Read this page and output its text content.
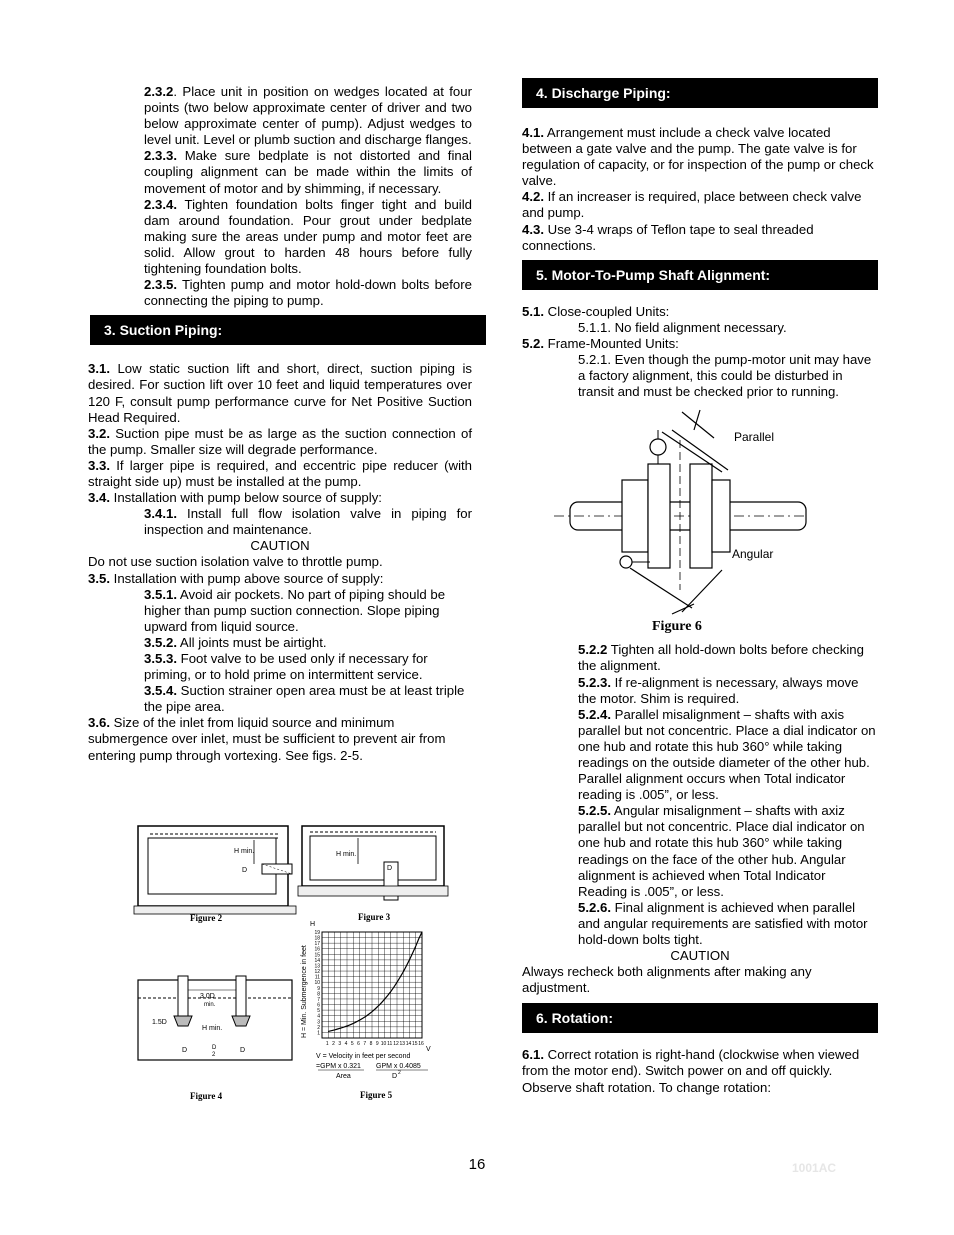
2.3.2. Place unit in position on wedges located at four points (two below approximate center of driver and two below approximate center of pump). Adjust wedges to level unit. Level or plumb suction and discharge flanges.

2.3.3. Make sure bedplate is not distorted and final coupling alignment can be made within the limits of movement of motor and by shimming, if necessary.

2.3.4. Tighten foundation bolts finger tight and build dam around foundation. Pour grout under bedplate making sure the areas under pump and motor feet are solid. Allow grout to harden 48 hours before fully tightening foundation bolts.

2.3.5. Tighten pump and motor hold-down bolts before connecting the piping to pump.

3. Suction Piping:

3.1. Low static suction lift and short, direct, suction piping is desired. For suction lift over 10 feet and liquid temperatures over 120 F, consult pump performance curve for Net Positive Suction Head Required.

3.2. Suction pipe must be as large as the suction connection of the pump. Smaller size will degrade performance.

3.3. If larger pipe is required, and eccentric pipe reducer (with straight side up) must be installed at the pump.

3.4. Installation with pump below source of supply:

3.4.1. Install full flow isolation valve in piping for inspection and maintenance.

CAUTION

Do not use suction isolation valve to throttle pump.

3.5. Installation with pump above source of supply:

3.5.1. Avoid air pockets. No part of piping should be higher than pump suction connection. Slope piping upward from liquid source.

3.5.2. All joints must be airtight.

3.5.3. Foot valve to be used only if necessary for priming, or to hold prime on intermittent service.

3.5.4. Suction strainer open area must be at least triple the pipe area.

3.6. Size of the inlet from liquid source and minimum submergence over inlet, must be sufficient to prevent air from entering pump through vortexing. See figs. 2-5.

H min.
D
Figure 2
H min.
D
Figure 3
3.0D
min.
1.5D
H min.
D	D
D
2
Figure 4
H
V
1
2
3
4
5
6
7
8
9
10
11
12
13
14
15
16
17
18
19
1 2 3 4 5 6 7 8 9 10 11 12 13 14 15 16
H = Min. Submergence in feet
V = Velocity in feet per second
=GPM x 0.321 GPM x 0.4085
Area	D 2
Figure 5
4. Discharge Piping:

4.1. Arrangement must include a check valve located between a gate valve and the pump. The gate valve is for regulation of capacity, or for inspection of the pump or check valve.

4.2. If an increaser is required, place between check valve and pump.

4.3. Use 3-4 wraps of Teflon tape to seal threaded connections.

5. Motor-To-Pump Shaft Alignment:

5.1. Close-coupled Units:

5.1.1. No field alignment necessary.

5.2. Frame-Mounted Units:

5.2.1. Even though the pump-motor unit may have a factory alignment, this could be disturbed in transit and must be checked prior to running.

Parallel
Angular
Figure 6

5.2.2 Tighten all hold-down bolts before checking the alignment.

5.2.3. If re-alignment is necessary, always move the motor. Shim is required.

5.2.4. Parallel misalignment – shafts with axis parallel but not concentric. Place a dial indicator on one hub and rotate this hub 360° while taking readings on the outside diameter of the other hub. Parallel alignment occurs when Total indicator reading is .005”, or less.

5.2.5. Angular misalignment – shafts with axiz parallel but not concentric. Place dial indicator on one hub and rotate this hub 360° while taking readings on the face of the other hub. Angular alignment is achieved when Total Indicator Reading is .005”, or less.

5.2.6. Final alignment is achieved when parallel and angular requirements are satisfied with motor hold-down bolts tight.

CAUTION

Always recheck both alignments after making any adjustment.

6. Rotation:

6.1. Correct rotation is right-hand (clockwise when viewed from the motor end). Switch power on and off quickly. Observe shaft rotation. To change rotation:

16	1001AC
